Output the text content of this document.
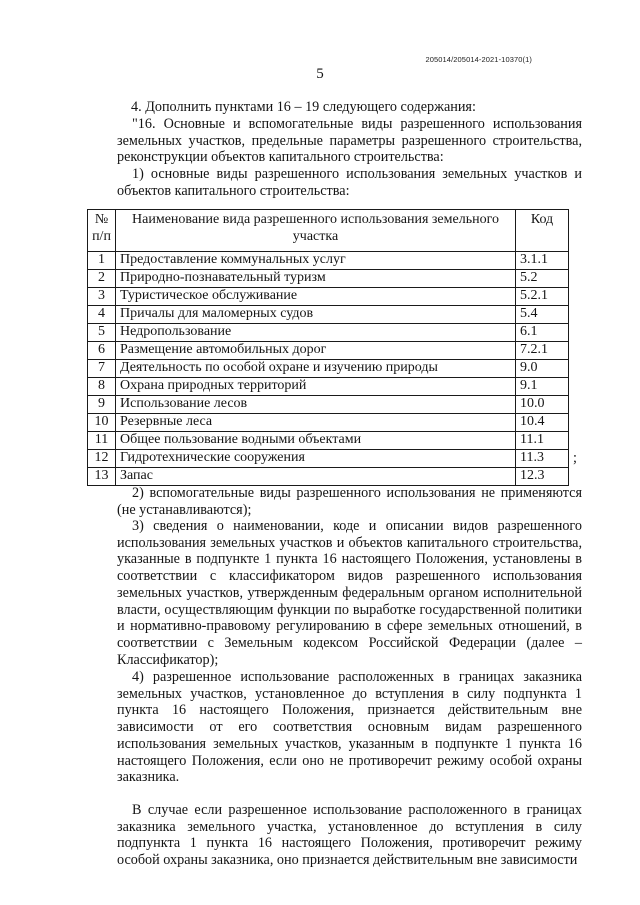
205014/205014-2021-10370(1)
5
4. Дополнить пунктами 16 – 19 следующего содержания:

"16. Основные и вспомогательные виды разрешенного использования земельных участков, предельные параметры разрешенного строительства, реконструкции объектов капитального строительства:

1) основные виды разрешенного использования земельных участков и объектов капитального строительства:

№ п/п	Наименование вида разрешенного использования земельного участка	Код
1	Предоставление коммунальных услуг	3.1.1
2	Природно-познавательный туризм	5.2
3	Туристическое обслуживание	5.2.1
4	Причалы для маломерных судов	5.4
5	Недропользование	6.1
6	Размещение автомобильных дорог	7.2.1
7	Деятельность по особой охране и изучению природы	9.0
8	Охрана природных территорий	9.1
9	Использование лесов	10.0
10	Резервные леса	10.4
11	Общее пользование водными объектами	11.1
12	Гидротехнические сооружения	11.3
13	Запас	12.3
;

2) вспомогательные виды разрешенного использования не применяются (не устанавливаются);

3) сведения о наименовании, коде и описании видов разрешенного использования земельных участков и объектов капитального строительства, указанные в подпункте 1 пункта 16 настоящего Положения, установлены в соответствии с классификатором видов разрешенного использования земельных участков, утвержденным федеральным органом исполнительной власти, осуществляющим функции по выработке государственной политики и нормативно-правовому регулированию в сфере земельных отношений, в соответствии с Земельным кодексом Российской Федерации (далее – Классификатор);

4) разрешенное использование расположенных в границах заказника земельных участков, установленное до вступления в силу подпункта 1 пункта 16 настоящего Положения, признается действительным вне зависимости от его соответствия основным видам разрешенного использования земельных участков, указанным в подпункте 1 пункта 16 настоящего Положения, если оно не противоречит режиму особой охраны заказника.

В случае если разрешенное использование расположенного в границах заказника земельного участка, установленное до вступления в силу подпункта 1 пункта 16 настоящего Положения, противоречит режиму особой охраны заказника, оно признается действительным вне зависимости
